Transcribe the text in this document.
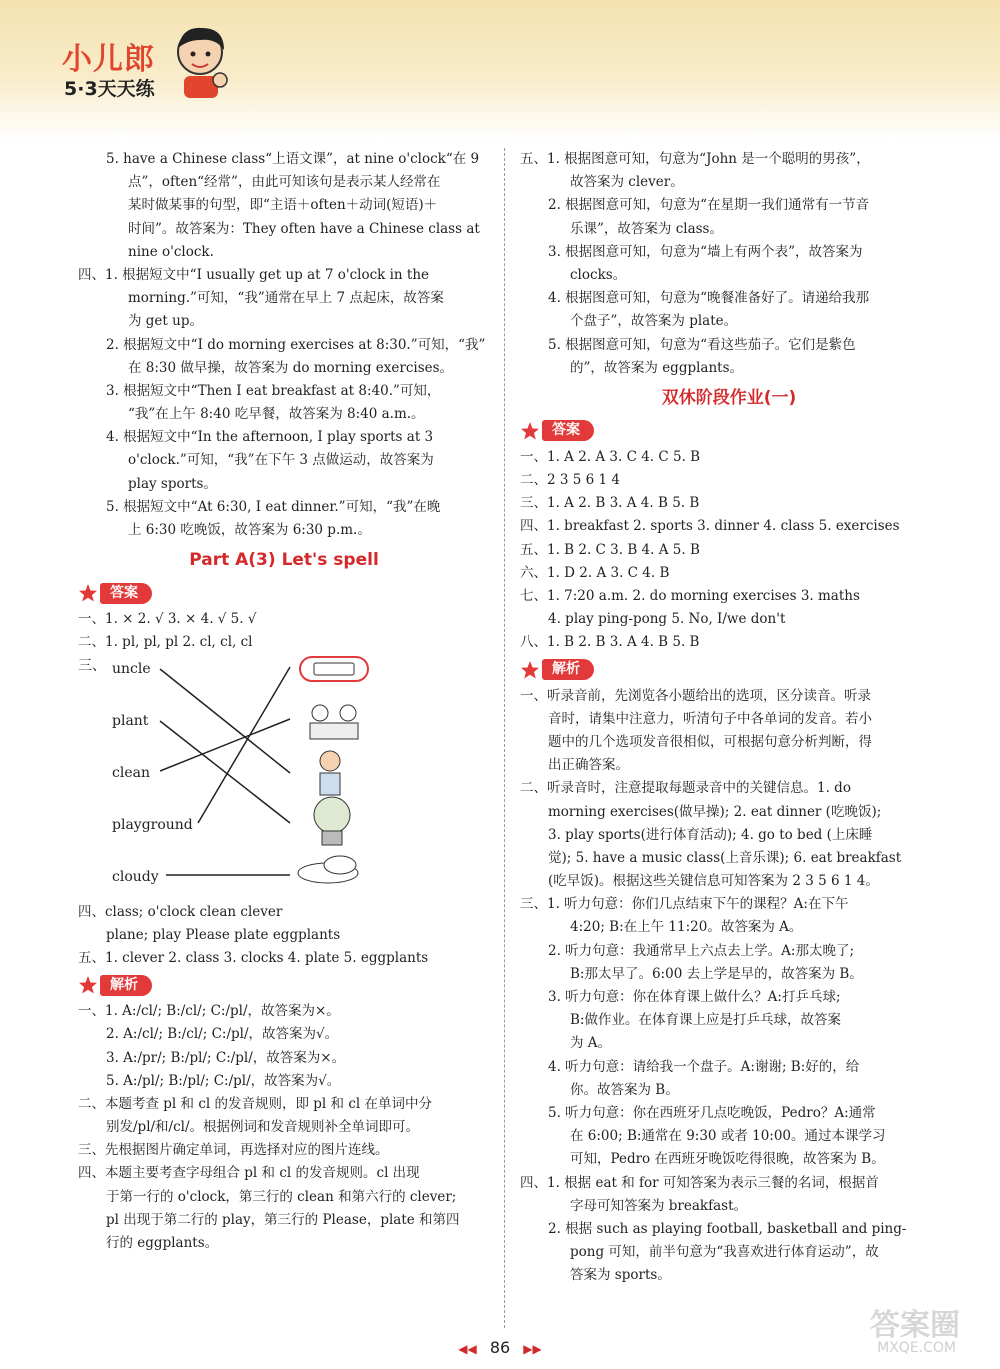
小儿郎
5·3天天练
5. have a Chinese class“上语文课”，at nine o'clock“在 9
点”，often“经常”，由此可知该句是表示某人经常在
某时做某事的句型，即“主语＋often＋动词(短语)＋
时间”。故答案为：They often have a Chinese class at
nine o'clock.
四、1. 根据短文中“I usually get up at 7 o'clock in the
morning.”可知，“我”通常在早上 7 点起床，故答案
为 get up。
2. 根据短文中“I do morning exercises at 8:30.”可知，“我”
在 8:30 做早操，故答案为 do morning exercises。
3. 根据短文中“Then I eat breakfast at 8:40.”可知，
“我”在上午 8:40 吃早餐，故答案为 8:40 a.m.。
4. 根据短文中“In the afternoon, I play sports at 3
o'clock.”可知，“我”在下午 3 点做运动，故答案为
play sports。
5. 根据短文中“At 6:30, I eat dinner.”可知，“我”在晚
上 6:30 吃晚饭，故答案为 6:30 p.m.。
Part A(3) Let's spell
答案
一、1. × 2. √ 3. × 4. √ 5. √
二、1. pl, pl, pl 2. cl, cl, cl
三、 uncle
plant
clean
playground
cloudy
四、class; o'clock clean clever
plane; play Please plate eggplants
五、1. clever 2. class 3. clocks 4. plate 5. eggplants
解析
一、1. A:/cl/; B:/cl/; C:/pl/，故答案为×。
2. A:/cl/; B:/cl/; C:/pl/，故答案为√。
3. A:/pr/; B:/pl/; C:/pl/，故答案为×。
5. A:/pl/; B:/pl/; C:/pl/，故答案为√。
二、本题考查 pl 和 cl 的发音规则，即 pl 和 cl 在单词中分
别发/pl/和/cl/。根据例词和发音规则补全单词即可。
三、先根据图片确定单词，再选择对应的图片连线。
四、本题主要考查字母组合 pl 和 cl 的发音规则。cl 出现
于第一行的 o'clock，第三行的 clean 和第六行的 clever;
pl 出现于第二行的 play，第三行的 Please，plate 和第四
行的 eggplants。
五、1. 根据图意可知，句意为“John 是一个聪明的男孩”，
故答案为 clever。
2. 根据图意可知，句意为“在星期一我们通常有一节音
乐课”，故答案为 class。
3. 根据图意可知，句意为“墙上有两个表”，故答案为
clocks。
4. 根据图意可知，句意为“晚餐准备好了。请递给我那
个盘子”，故答案为 plate。
5. 根据图意可知，句意为“看这些茄子。它们是紫色
的”，故答案为 eggplants。
双休阶段作业(一)
答案
一、1. A 2. A 3. C 4. C 5. B
二、2 3 5 6 1 4
三、1. A 2. B 3. A 4. B 5. B
四、1. breakfast 2. sports 3. dinner 4. class 5. exercises
五、1. B 2. C 3. B 4. A 5. B
六、1. D 2. A 3. C 4. B
七、1. 7:20 a.m. 2. do morning exercises 3. maths
4. play ping-pong 5. No, I/we don't
八、1. B 2. B 3. A 4. B 5. B
解析
一、听录音前，先浏览各小题给出的选项，区分读音。听录
音时，请集中注意力，听清句子中各单词的发音。若小
题中的几个选项发音很相似，可根据句意分析判断，得
出正确答案。
二、听录音时，注意提取每题录音中的关键信息。1. do
morning exercises(做早操); 2. eat dinner (吃晚饭);
3. play sports(进行体育活动); 4. go to bed (上床睡
觉); 5. have a music class(上音乐课); 6. eat breakfast
(吃早饭)。根据这些关键信息可知答案为 2 3 5 6 1 4。
三、1. 听力句意：你们几点结束下午的课程？A:在下午
4:20; B:在上午 11:20。故答案为 A。
2. 听力句意：我通常早上六点去上学。A:那太晚了;
B:那太早了。6:00 去上学是早的，故答案为 B。
3. 听力句意：你在体育课上做什么？A:打乒乓球;
B:做作业。在体育课上应是打乒乓球，故答案
为 A。
4. 听力句意：请给我一个盘子。A:谢谢; B:好的，给
你。故答案为 B。
5. 听力句意：你在西班牙几点吃晚饭，Pedro？A:通常
在 6:00; B:通常在 9:30 或者 10:00。通过本课学习
可知，Pedro 在西班牙晚饭吃得很晚，故答案为 B。
四、1. 根据 eat 和 for 可知答案为表示三餐的名词，根据首
字母可知答案为 breakfast。
2. 根据 such as playing football, basketball and ping-
pong 可知，前半句意为“我喜欢进行体育运动”，故
答案为 sports。
◀◀ 86 ▶▶
答案圈
MXQE.COM
